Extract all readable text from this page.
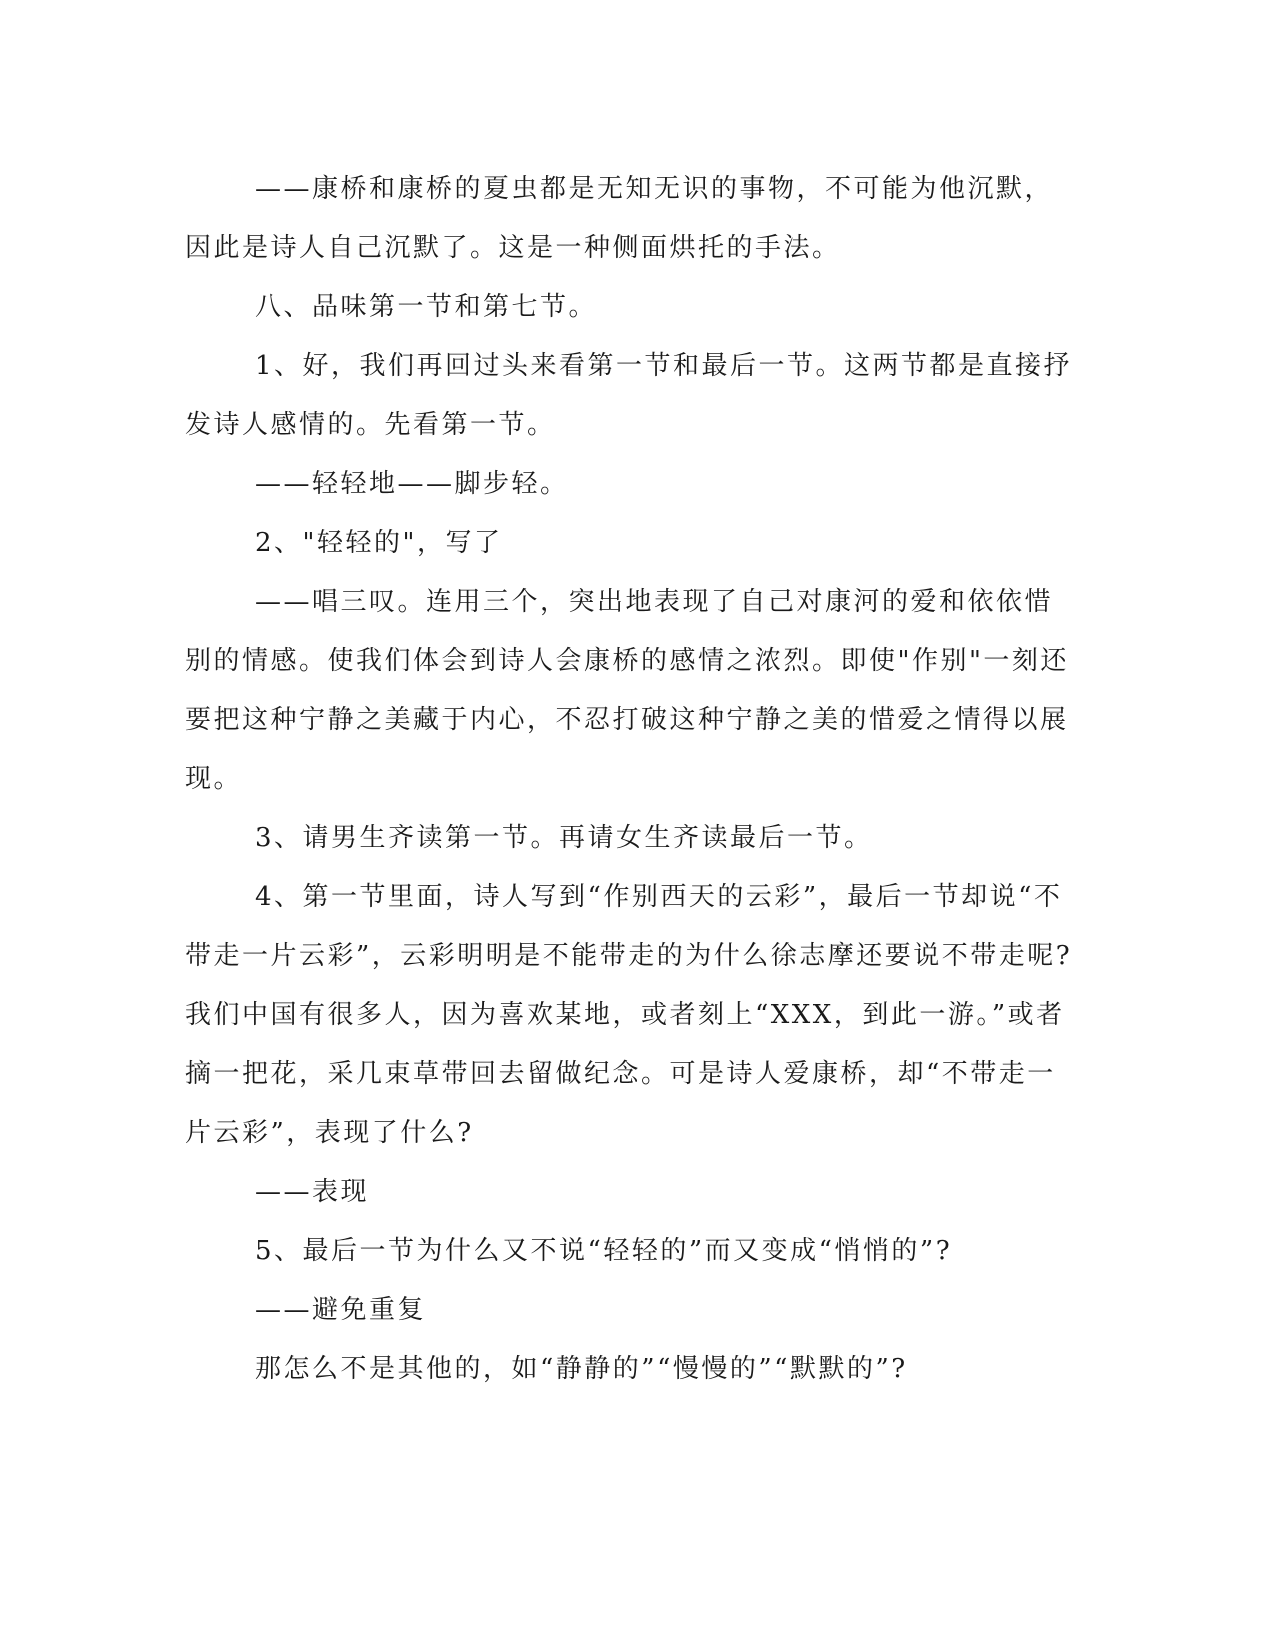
——康桥和康桥的夏虫都是无知无识的事物，不可能为他沉默，因此是诗人自己沉默了。这是一种侧面烘托的手法。

八、品味第一节和第七节。

1、好，我们再回过头来看第一节和最后一节。这两节都是直接抒发诗人感情的。先看第一节。

——轻轻地——脚步轻。

2、"轻轻的"，写了

——唱三叹。连用三个，突出地表现了自己对康河的爱和依依惜别的情感。使我们体会到诗人会康桥的感情之浓烈。即使"作别"一刻还要把这种宁静之美藏于内心，不忍打破这种宁静之美的惜爱之情得以展现。

3、请男生齐读第一节。再请女生齐读最后一节。

4、第一节里面，诗人写到“作别西天的云彩”，最后一节却说“不带走一片云彩”，云彩明明是不能带走的为什么徐志摩还要说不带走呢?我们中国有很多人，因为喜欢某地，或者刻上“XXX，到此一游。”或者摘一把花，采几束草带回去留做纪念。可是诗人爱康桥，却“不带走一片云彩”，表现了什么?

——表现

5、最后一节为什么又不说“轻轻的”而又变成“悄悄的”?

——避免重复

那怎么不是其他的，如“静静的”“慢慢的”“默默的”?
